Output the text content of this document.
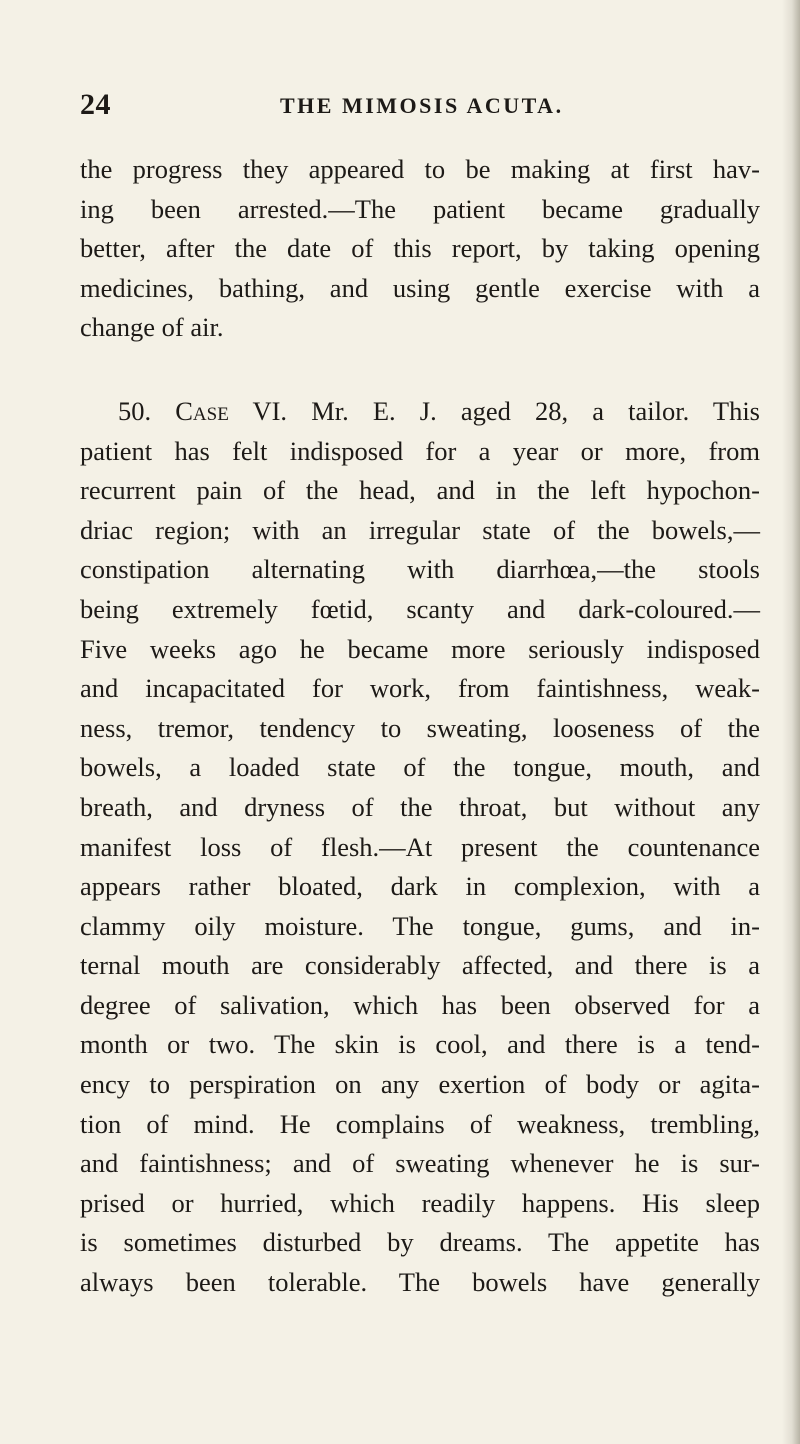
24	THE MIMOSIS ACUTA.
the progress they appeared to be making at first hav-
ing been arrested.—The patient became gradually
better, after the date of this report, by taking opening
medicines, bathing, and using gentle exercise with a
change of air.
50. Case VI. Mr. E. J. aged 28, a tailor. This
patient has felt indisposed for a year or more, from
recurrent pain of the head, and in the left hypochon-
driac region; with an irregular state of the bowels,—
constipation alternating with diarrhœa,—the stools
being extremely fœtid, scanty and dark-coloured.—
Five weeks ago he became more seriously indisposed
and incapacitated for work, from faintishness, weak-
ness, tremor, tendency to sweating, looseness of the
bowels, a loaded state of the tongue, mouth, and
breath, and dryness of the throat, but without any
manifest loss of flesh.—At present the countenance
appears rather bloated, dark in complexion, with a
clammy oily moisture. The tongue, gums, and in-
ternal mouth are considerably affected, and there is a
degree of salivation, which has been observed for a
month or two. The skin is cool, and there is a tend-
ency to perspiration on any exertion of body or agita-
tion of mind. He complains of weakness, trembling,
and faintishness; and of sweating whenever he is sur-
prised or hurried, which readily happens. His sleep
is sometimes disturbed by dreams. The appetite has
always been tolerable. The bowels have generally
